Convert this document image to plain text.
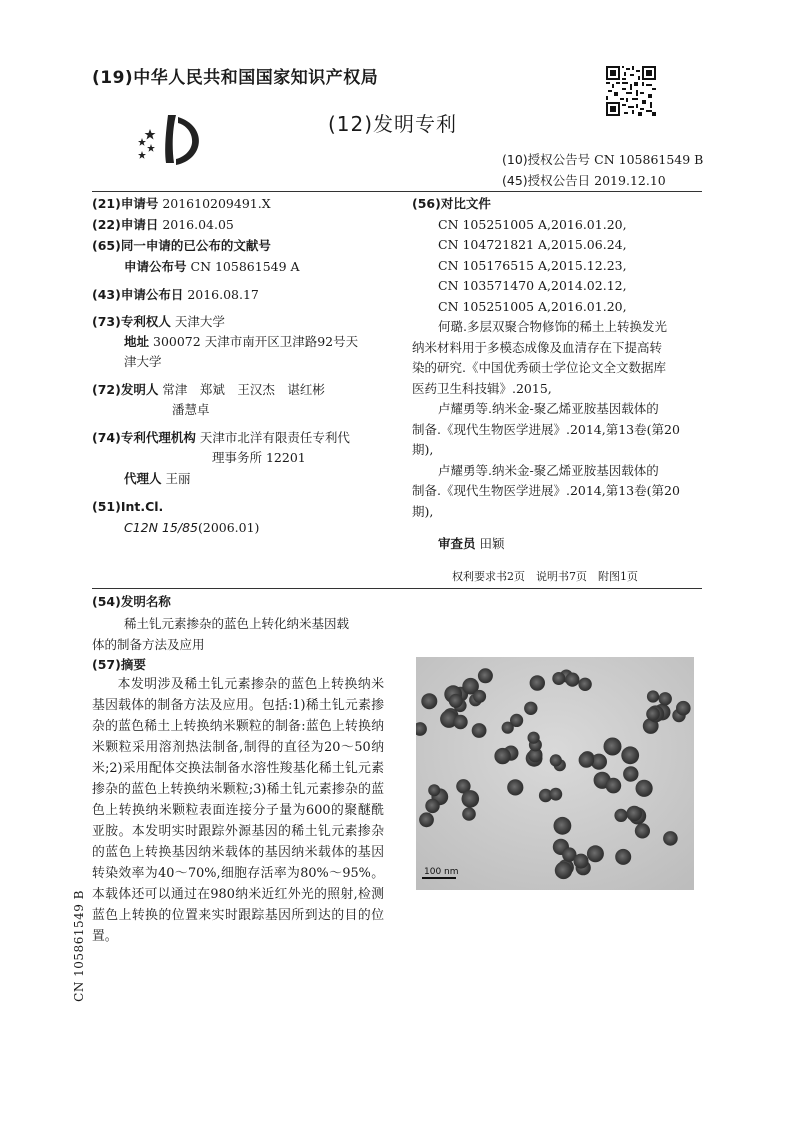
(19)中华人民共和国国家知识产权局
(12)发明专利
(10)授权公告号 CN 105861549 B
(45)授权公告日 2019.12.10
(21)申请号 201610209491.X
(22)申请日 2016.04.05
(65)同一申请的已公布的文献号
申请公布号 CN 105861549 A
(43)申请公布日 2016.08.17
(73)专利权人 天津大学
地址 300072 天津市南开区卫津路92号天
津大学
(72)发明人 常津　郑斌　王汉杰　谌红彬
潘慧卓
(74)专利代理机构 天津市北洋有限责任专利代
理事务所 12201
代理人 王丽
(51)Int.Cl.
C12N 15/85(2006.01)
(56)对比文件
CN 105251005 A,2016.01.20,
CN 104721821 A,2015.06.24,
CN 105176515 A,2015.12.23,
CN 103571470 A,2014.02.12,
CN 105251005 A,2016.01.20,
何璐.多层双聚合物修饰的稀土上转换发光
纳米材料用于多模态成像及血清存在下提高转
染的研究.《中国优秀硕士学位论文全文数据库
医药卫生科技辑》.2015,
卢耀勇等.纳米金-聚乙烯亚胺基因载体的
制备.《现代生物医学进展》.2014,第13卷(第20
期),
卢耀勇等.纳米金-聚乙烯亚胺基因载体的
制备.《现代生物医学进展》.2014,第13卷(第20
期),
审查员 田颖
权利要求书2页　说明书7页　附图1页
(54)发明名称
稀土钆元素掺杂的蓝色上转化纳米基因载
体的制备方法及应用
(57)摘要
本发明涉及稀土钆元素掺杂的蓝色上转换纳米基因载体的制备方法及应用。包括:1)稀土钆元素掺杂的蓝色稀土上转换纳米颗粒的制备:蓝色上转换纳米颗粒采用溶剂热法制备,制得的直径为20～50纳米;2)采用配体交换法制备水溶性羧基化稀土钆元素掺杂的蓝色上转换纳米颗粒;3)稀土钆元素掺杂的蓝色上转换纳米颗粒表面连接分子量为600的聚醚酰亚胺。本发明实时跟踪外源基因的稀土钆元素掺杂的蓝色上转换基因纳米载体的基因纳米载体的基因转染效率为40～70%,细胞存活率为80%～95%。本载体还可以通过在980纳米近红外光的照射,检测蓝色上转换的位置来实时跟踪基因所到达的目的位置。
100 nm
CN 105861549 B
